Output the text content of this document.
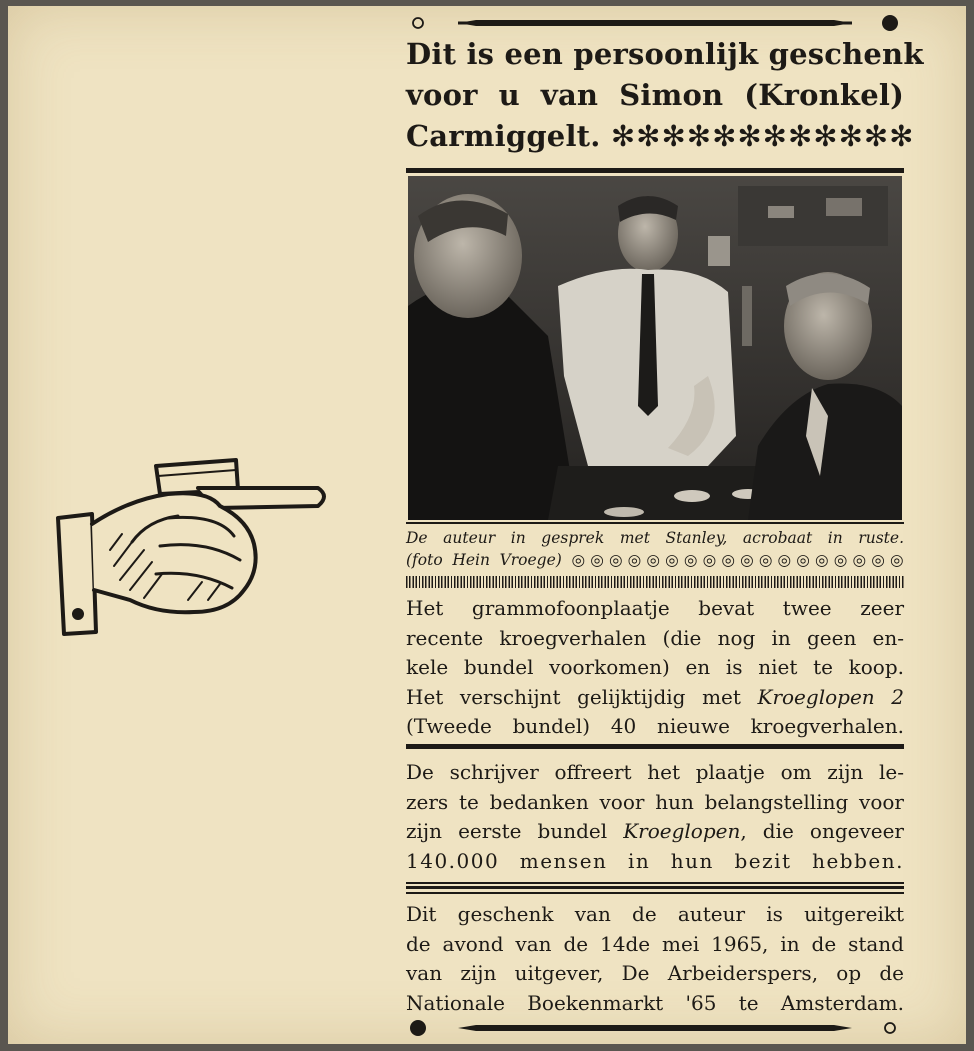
Dit is een persoonlijk geschenk
voor u van Simon (Kronkel)
Carmiggelt. ✻✻✻✻✻✻✻✻✻✻✻✻
De auteur in gesprek met Stanley, acrobaat in ruste.
(foto Hein Vroege) ◎◎◎◎◎◎◎◎◎◎◎◎◎◎◎◎◎◎
Het grammofoonplaatje bevat twee zeer
recente kroegverhalen (die nog in geen en-
kele bundel voorkomen) en is niet te koop.
Het verschijnt gelijktijdig met Kroeglopen 2
(Tweede bundel) 40 nieuwe kroegverhalen.
De schrijver offreert het plaatje om zijn le-
zers te bedanken voor hun belangstelling voor
zijn eerste bundel Kroeglopen, die ongeveer
140.000 mensen in hun bezit hebben.
Dit geschenk van de auteur is uitgereikt
de avond van de 14de mei 1965, in de stand
van zijn uitgever, De Arbeiderspers, op de
Nationale Boekenmarkt '65 te Amsterdam.
